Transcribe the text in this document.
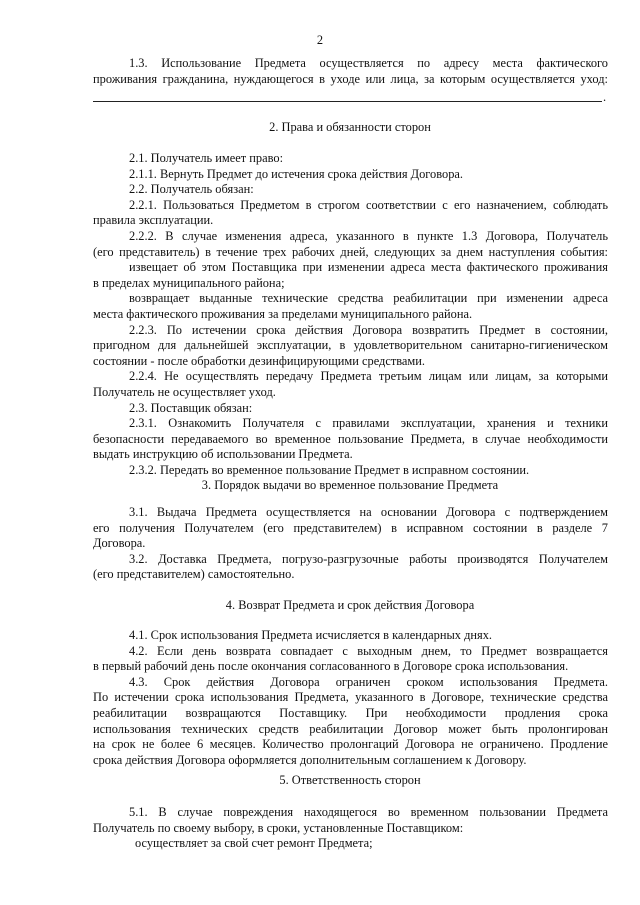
2

1.3. Использование Предмета осуществляется по адресу места фактического

проживания гражданина, нуждающегося в уходе или лица, за которым осуществляется уход:

.
2. Права и обязанности сторон

2.1. Получатель имеет право:

2.1.1. Вернуть Предмет до истечения срока действия Договора.

2.2. Получатель обязан:

2.2.1. Пользоваться Предметом в строгом соответствии с его назначением, соблюдать

правила эксплуатации.

2.2.2. В случае изменения адреса, указанного в пункте 1.3 Договора, Получатель

(его представитель) в течение трех рабочих дней, следующих за днем наступления события:

извещает об этом Поставщика при изменении адреса места фактического проживания

в пределах муниципального района;

возвращает выданные технические средства реабилитации при изменении адреса

места фактического проживания за пределами муниципального района.

2.2.3. По истечении срока действия Договора возвратить Предмет в состоянии,

пригодном для дальнейшей эксплуатации, в удовлетворительном санитарно-гигиеническом

состоянии - после обработки дезинфицирующими средствами.

2.2.4. Не осуществлять передачу Предмета третьим лицам или лицам, за которыми

Получатель не осуществляет уход.

2.3. Поставщик обязан:

2.3.1. Ознакомить Получателя с правилами эксплуатации, хранения и техники

безопасности передаваемого во временное пользование Предмета, в случае необходимости

выдать инструкцию об использовании Предмета.

2.3.2. Передать во временное пользование Предмет в исправном состоянии.

3. Порядок выдачи во временное пользование Предмета

3.1. Выдача Предмета осуществляется на основании Договора с подтверждением

его получения Получателем (его представителем) в исправном состоянии в разделе 7

Договора.

3.2. Доставка Предмета, погрузо-разгрузочные работы производятся Получателем

(его представителем) самостоятельно.

4. Возврат Предмета и срок действия Договора

4.1. Срок использования Предмета исчисляется в календарных днях.

4.2. Если день возврата совпадает с выходным днем, то Предмет возвращается

в первый рабочий день после окончания согласованного в Договоре срока использования.

4.3. Срок действия Договора ограничен сроком использования Предмета.

По истечении срока использования Предмета, указанного в Договоре, технические средства

реабилитации возвращаются Поставщику. При необходимости продления срока

использования технических средств реабилитации Договор может быть пролонгирован

на срок не более 6 месяцев. Количество пролонгаций Договора не ограничено. Продление

срока действия Договора оформляется дополнительным соглашением к Договору.

5. Ответственность сторон

5.1. В случае повреждения находящегося во временном пользовании Предмета

Получатель по своему выбору, в сроки, установленные Поставщиком:

осуществляет за свой счет ремонт Предмета;
